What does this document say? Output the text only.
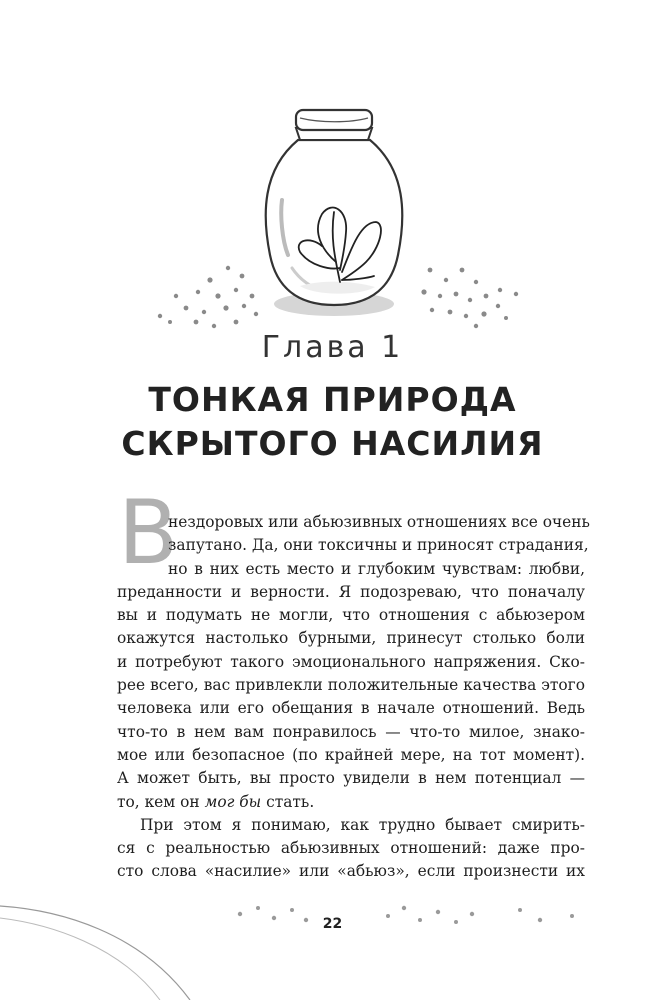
Глава 1
ТОНКАЯ ПРИРОДА
СКРЫТОГО НАСИЛИЯ
В
нездоровых или абьюзивных отношениях все очень
запутано. Да, они токсичны и приносят страдания,
но в них есть место и глубоким чувствам: любви,
преданности и верности. Я подозреваю, что поначалу
вы и подумать не могли, что отношения с абьюзером
окажутся настолько бурными, принесут столько боли
и потребуют такого эмоционального напряжения. Ско-
рее всего, вас привлекли положительные качества этого
человека или его обещания в начале отношений. Ведь
что-то в нем вам понравилось — что-то милое, знако-
мое или безопасное (по крайней мере, на тот момент).
А может быть, вы просто увидели в нем потенциал —
то, кем он мог бы стать.
При этом я понимаю, как трудно бывает смирить-
ся с реальностью абьюзивных отношений: даже про-
сто слова «насилие» или «абьюз», если произнести их
22
